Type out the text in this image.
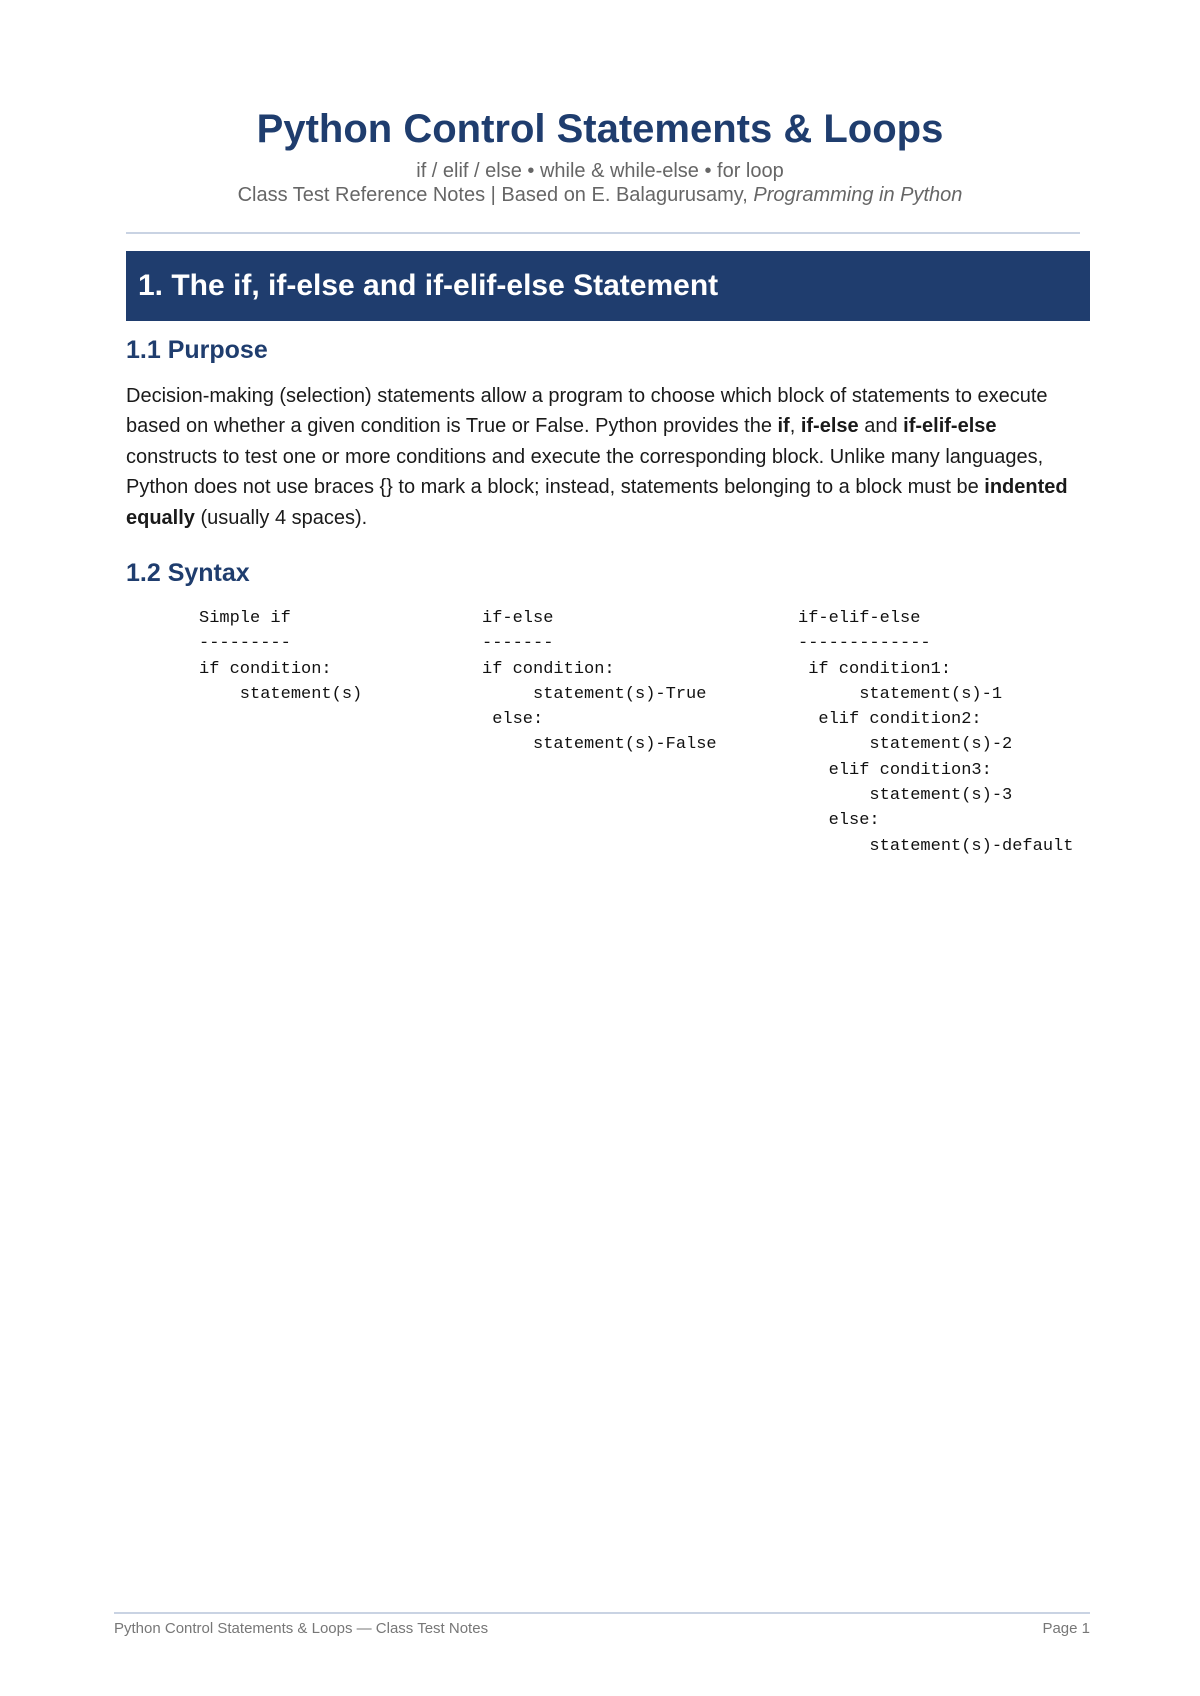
Python Control Statements & Loops
if / elif / else • while & while-else • for loop
Class Test Reference Notes | Based on E. Balagurusamy, Programming in Python
1. The if, if-else and if-elif-else Statement
1.1 Purpose

Decision-making (selection) statements allow a program to choose which block of statements to execute based on whether a given condition is True or False. Python provides the if, if-else and if-elif-else constructs to test one or more conditions and execute the corresponding block. Unlike many languages, Python does not use braces {} to mark a block; instead, statements belonging to a block must be indented equally (usually 4 spaces).

1.2 Syntax
Simple if
---------
if condition:
statement(s)
if-else
-------
if condition:
statement(s)-True
else:
statement(s)-False
if-elif-else
-------------
if condition1:
statement(s)-1
elif condition2:
statement(s)-2
elif condition3:
statement(s)-3
else:
statement(s)-default
Python Control Statements & Loops — Class Test Notes	Page 1
